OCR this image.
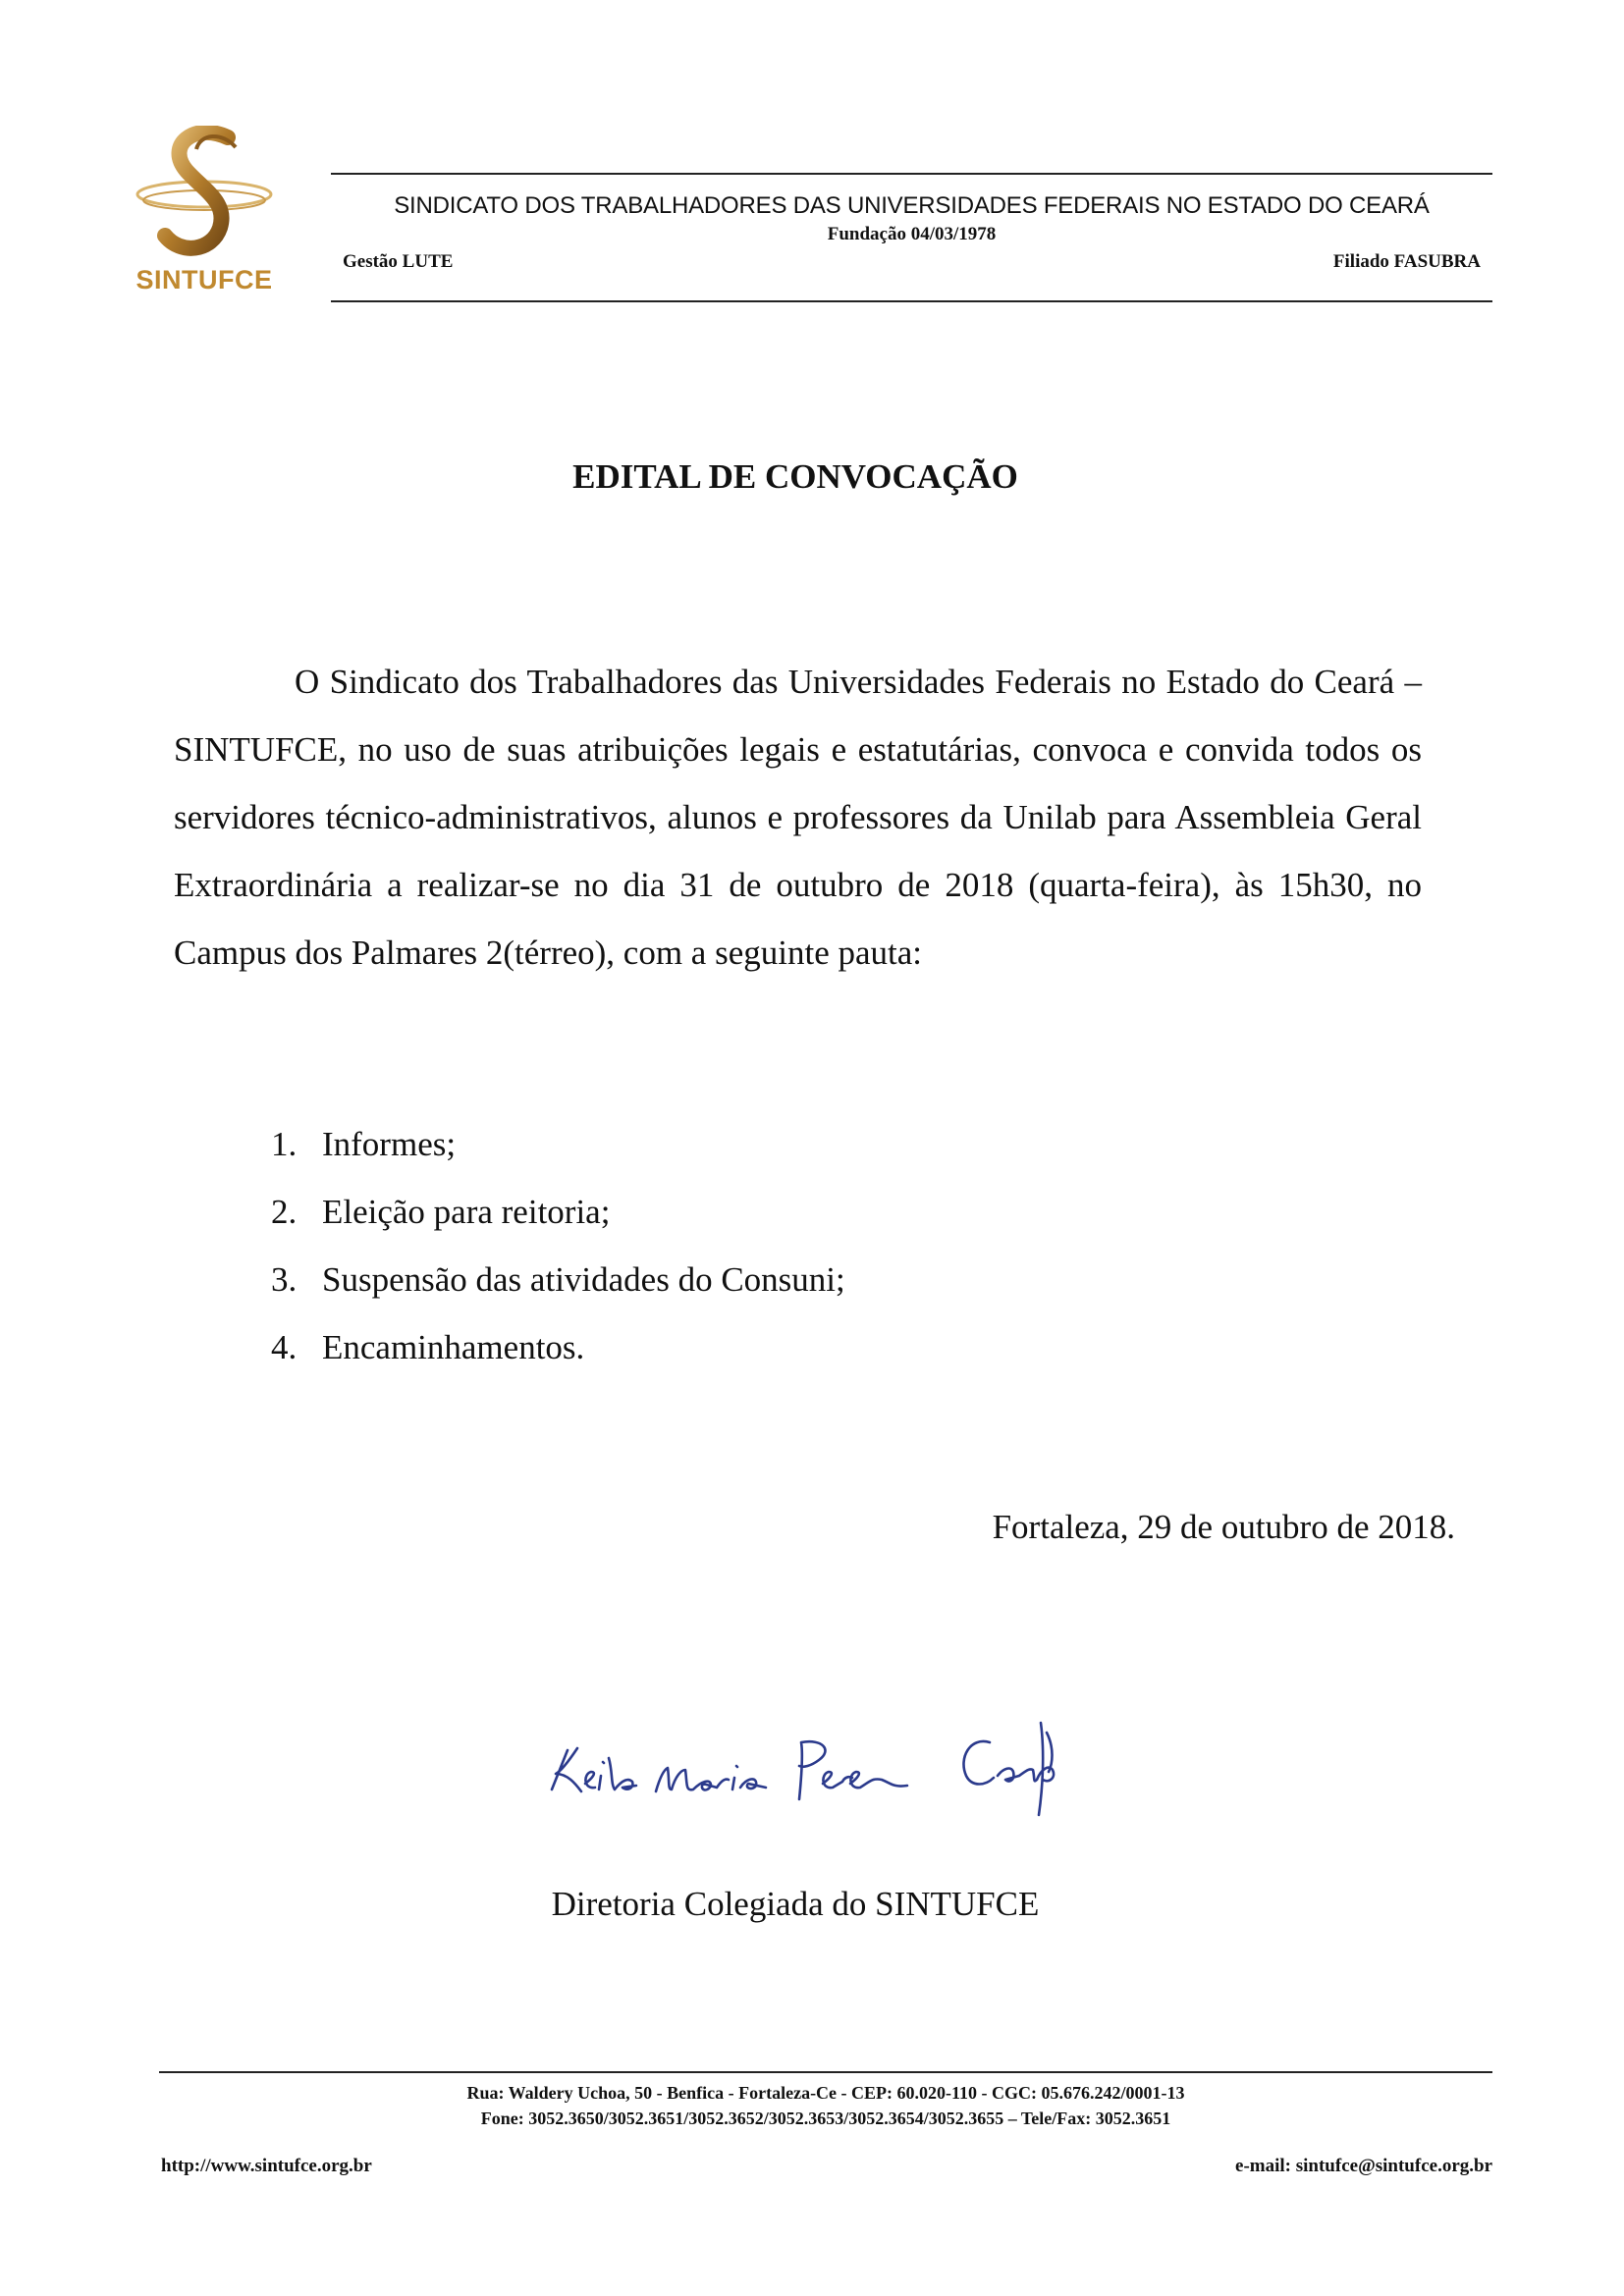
SINTUFCE
SINDICATO DOS TRABALHADORES DAS UNIVERSIDADES FEDERAIS NO ESTADO DO CEARÁ
Fundação 04/03/1978
Gestão LUTE	Filiado FASUBRA
EDITAL DE CONVOCAÇÃO

O Sindicato dos Trabalhadores das Universidades Federais no Estado do Ceará – SINTUFCE, no uso de suas atribuições legais e estatutárias, convoca e convida todos os servidores técnico-administrativos, alunos e professores da Unilab para Assembleia Geral Extraordinária a realizar-se no dia 31 de outubro de 2018 (quarta-feira), às 15h30, no Campus dos Palmares 2(térreo), com a seguinte pauta:

1. Informes;
2. Eleição para reitoria;
3. Suspensão das atividades do Consuni;
4. Encaminhamentos.
Fortaleza, 29 de outubro de 2018.
Diretoria Colegiada do SINTUFCE
Rua: Waldery Uchoa, 50 - Benfica - Fortaleza-Ce - CEP: 60.020-110 - CGC: 05.676.242/0001-13
Fone: 3052.3650/3052.3651/3052.3652/3052.3653/3052.3654/3052.3655 – Tele/Fax: 3052.3651
http://www.sintufce.org.br	e-mail: sintufce@sintufce.org.br
